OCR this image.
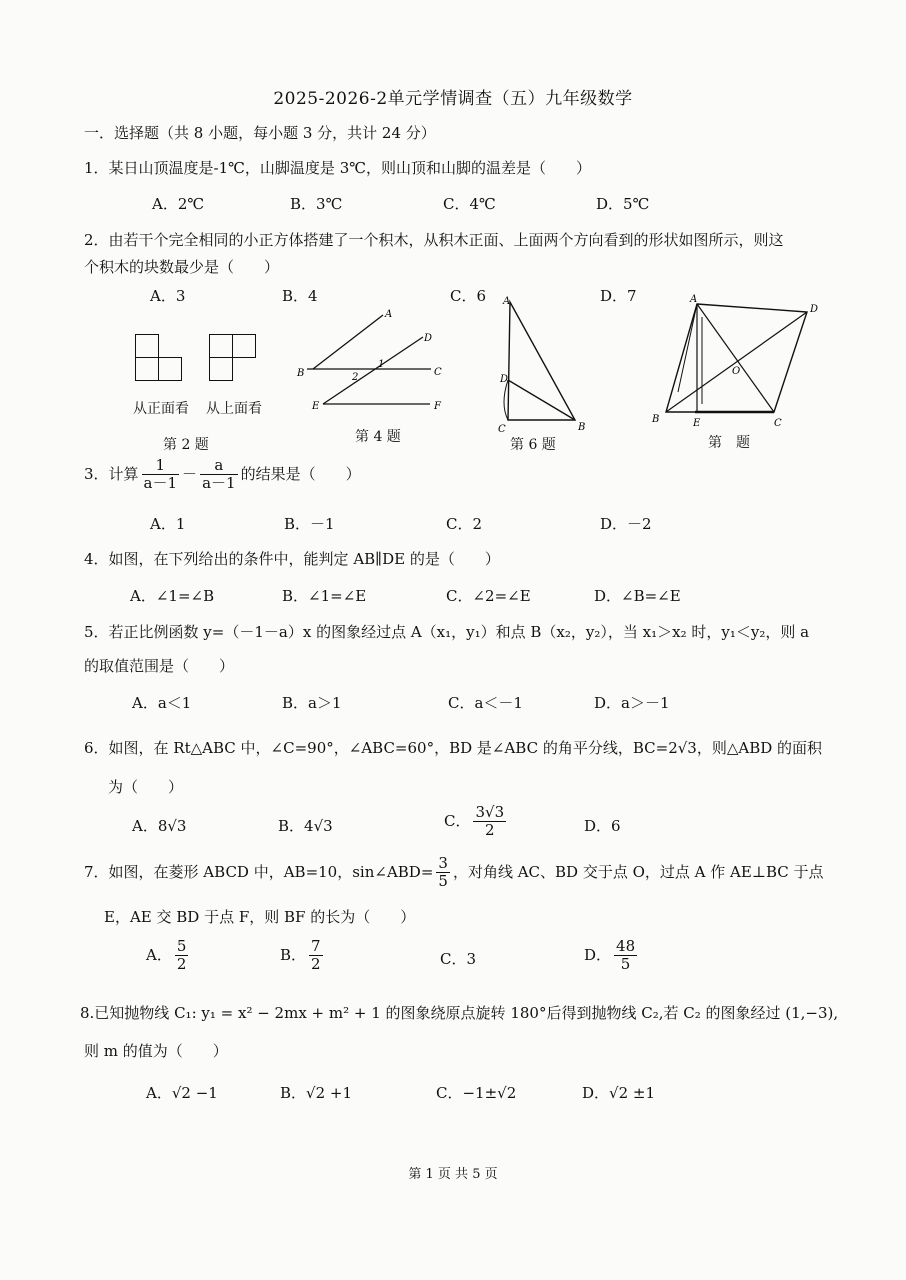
2025-2026-2单元学情调查（五）九年级数学
一．选择题（共 8 小题，每小题 3 分，共计 24 分）
1．某日山顶温度是-1℃，山脚温度是 3℃，则山顶和山脚的温差是（　　）
A．2℃	B．3℃	C．4℃	D．5℃
2．由若干个完全相同的小正方体搭建了一个积木，从积木正面、上面两个方向看到的形状如图所示，则这
个积木的块数最少是（　　）
A．3	B．4	C．6	D．7
从正面看 从上面看
第 2 题
A
D
B
1
2	C
E	F
第 4 题
A
D
C	B
第 6 题
A
D
O
B	E	C
第　题
3．计算 $\frac{1}{a-1} - \frac{a}{a-1}$ 的结果是（　　）
A．1	B．－1	C．2	D．－2
4．如图，在下列给出的条件中，能判定 AB∥DE 的是（　　）
A．∠1=∠B	B．∠1=∠E	C．∠2=∠E	D．∠B=∠E
5．若正比例函数 y=（－1－a）x 的图象经过点 A（x₁，y₁）和点 B（x₂，y₂），当 x₁＞x₂ 时，y₁＜y₂，则 a
的取值范围是（　　）
A．a＜1	B．a＞1	C．a＜－1	D．a＞－1
6．如图，在 Rt△ABC 中，∠C=90°，∠ABC=60°，BD 是∠ABC 的角平分线，BC=2√3，则△ABD 的面积
为（　　）
A．8√3	B．4√3	C． $\frac{3√3}{2}$	D．6
7．如图，在菱形 ABCD 中，AB=10，sin∠ABD= $\frac{3}{5}$ ，对角线 AC、BD 交于点 O，过点 A 作 AE⊥BC 于点
E，AE 交 BD 于点 F，则 BF 的长为（　　）
A． $\frac{5}{2}$	B． $\frac{7}{2}$	C．3	D． $\frac{48}{5}$
8.已知抛物线 C₁: y₁ = x² − 2mx + m² + 1 的图象绕原点旋转 180°后得到抛物线 C₂,若 C₂ 的图象经过 (1,−3),
则 m 的值为（　　）
A．√2 −1	B．√2 +1	C．−1±√2	D．√2 ±1
第 1 页 共 5 页
